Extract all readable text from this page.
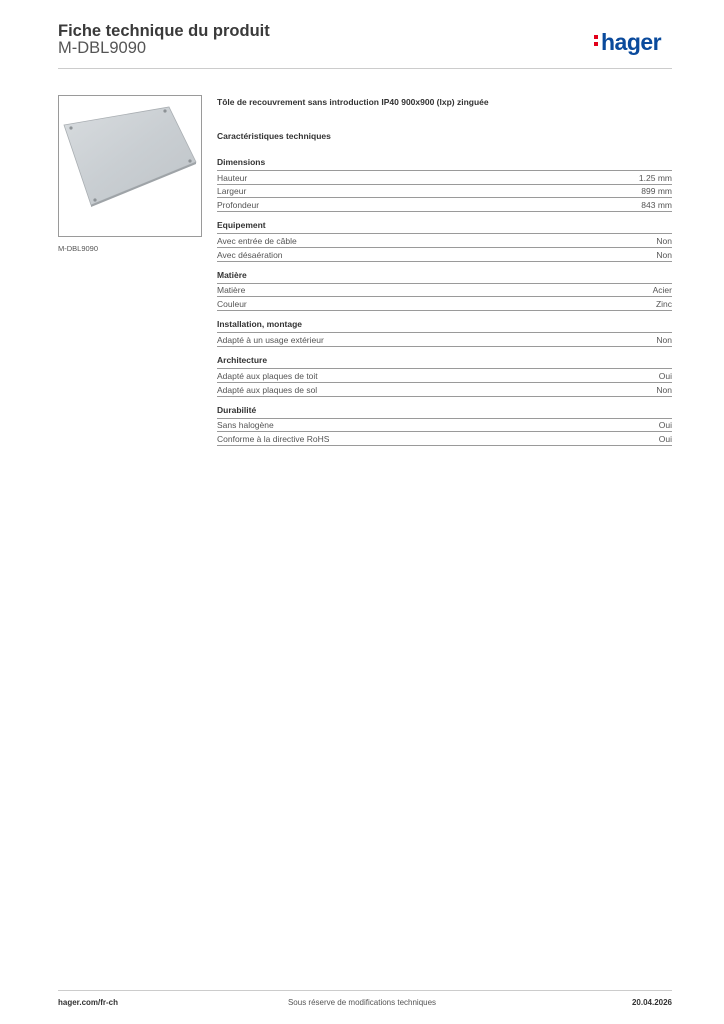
Fiche technique du produit
M-DBL9090	hager
M-DBL9090
Tôle de recouvrement sans introduction IP40 900x900 (lxp) zinguée
Caractéristiques techniques
Dimensions
Hauteur	1.25 mm
Largeur	899 mm
Profondeur	843 mm
Equipement
Avec entrée de câble	Non
Avec désaération	Non
Matière
Matière	Acier
Couleur	Zinc
Installation, montage
Adapté à un usage extérieur	Non
Architecture
Adapté aux plaques de toit	Oui
Adapté aux plaques de sol	Non
Durabilité
Sans halogène	Oui
Conforme à la directive RoHS	Oui
hager.com/fr-ch	Sous réserve de modifications techniques	20.04.2026
